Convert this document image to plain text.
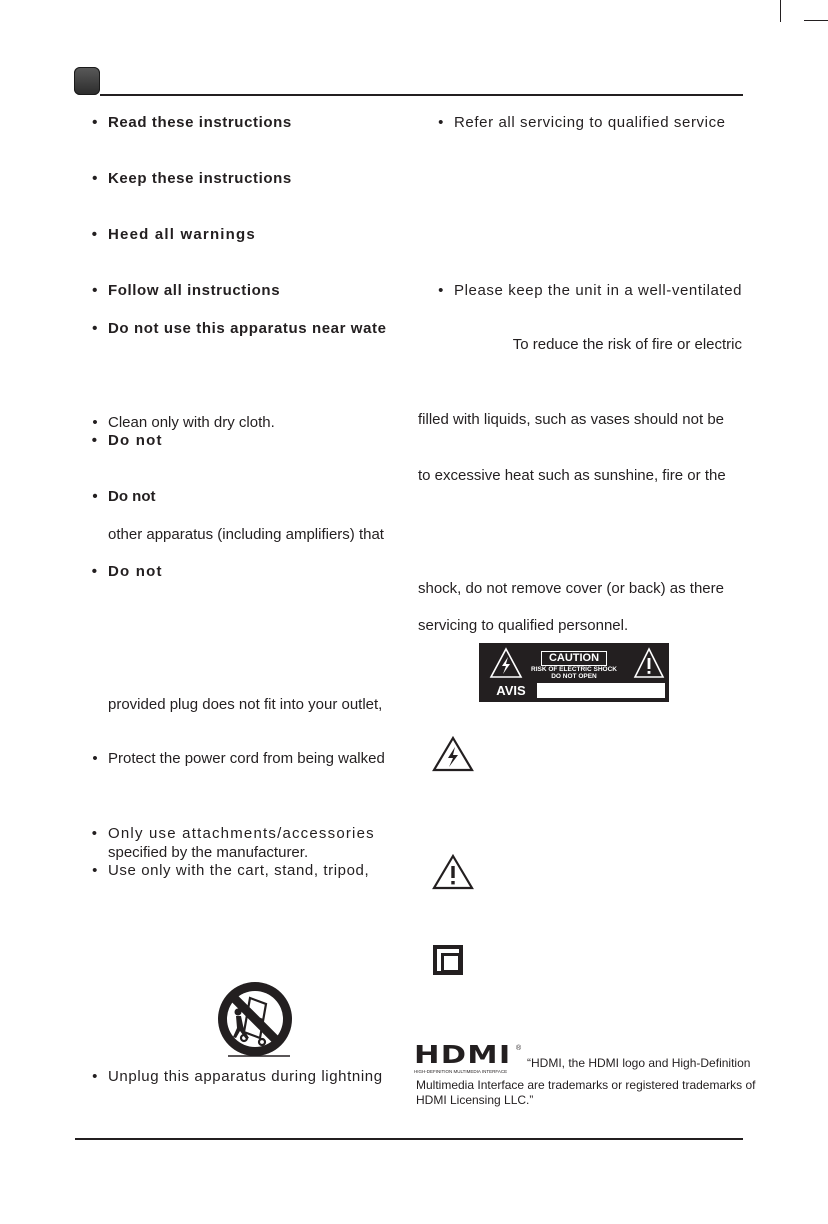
• Read these instructions
• Keep these instructions
• Heed all warnings
• Follow all instructions
• Do not use this apparatus near wate
• Clean only with dry cloth.
• Do not
• Do not
other apparatus (including amplifiers) that
• Do not
provided plug does not fit into your outlet,
• Protect the power cord from being walked
• Only use attachments/accessories
specified by the manufacturer.
• Use only with the cart, stand, tripod,
• Unplug this apparatus during lightning
• Refer all servicing to qualified service
• Please keep the unit in a well-ventilated
To reduce the risk of fire or electric
filled with liquids, such as vases should not be
to excessive heat such as sunshine, fire or the
shock, do not remove cover (or back) as there
servicing to qualified personnel.
CAUTION
RISK OF ELECTRIC SHOCK
DO NOT OPEN
AVIS
HDMI
HIGH-DEFINITION MULTIMEDIA INTERFACE
®
“HDMI, the HDMI logo and High-Definition
Multimedia Interface are trademarks or registered trademarks of
HDMI Licensing LLC.”
